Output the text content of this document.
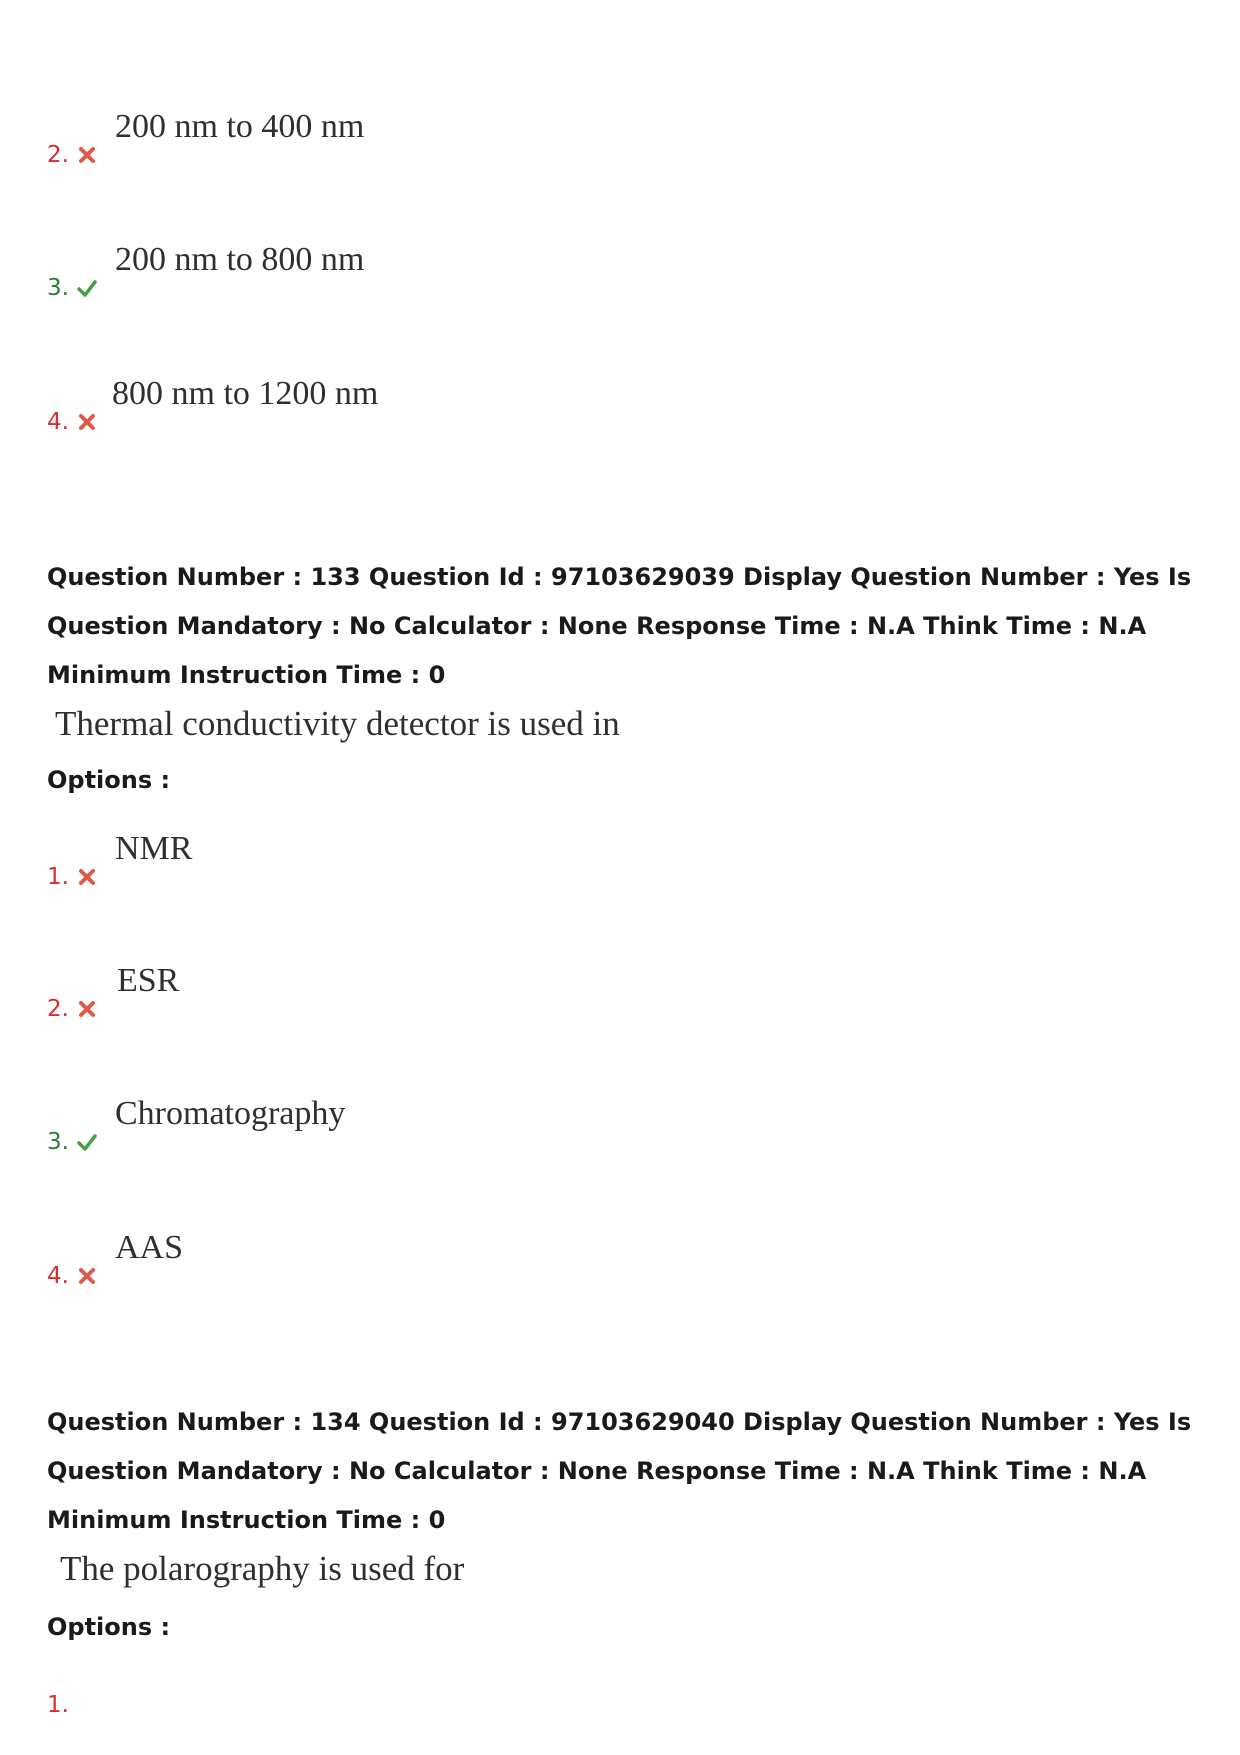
2.
200 nm to 400 nm
3.
200 nm to 800 nm
4.
800 nm to 1200 nm
Question Number : 133 Question Id : 97103629039 Display Question Number : Yes Is Question Mandatory : No Calculator : None Response Time : N.A Think Time : N.A Minimum Instruction Time : 0
Thermal conductivity detector is used in
Options :
1.
NMR
2.
ESR
3.
Chromatography
4.
AAS
Question Number : 134 Question Id : 97103629040 Display Question Number : Yes Is Question Mandatory : No Calculator : None Response Time : N.A Think Time : N.A Minimum Instruction Time : 0
The polarography is used for
Options :
1.
